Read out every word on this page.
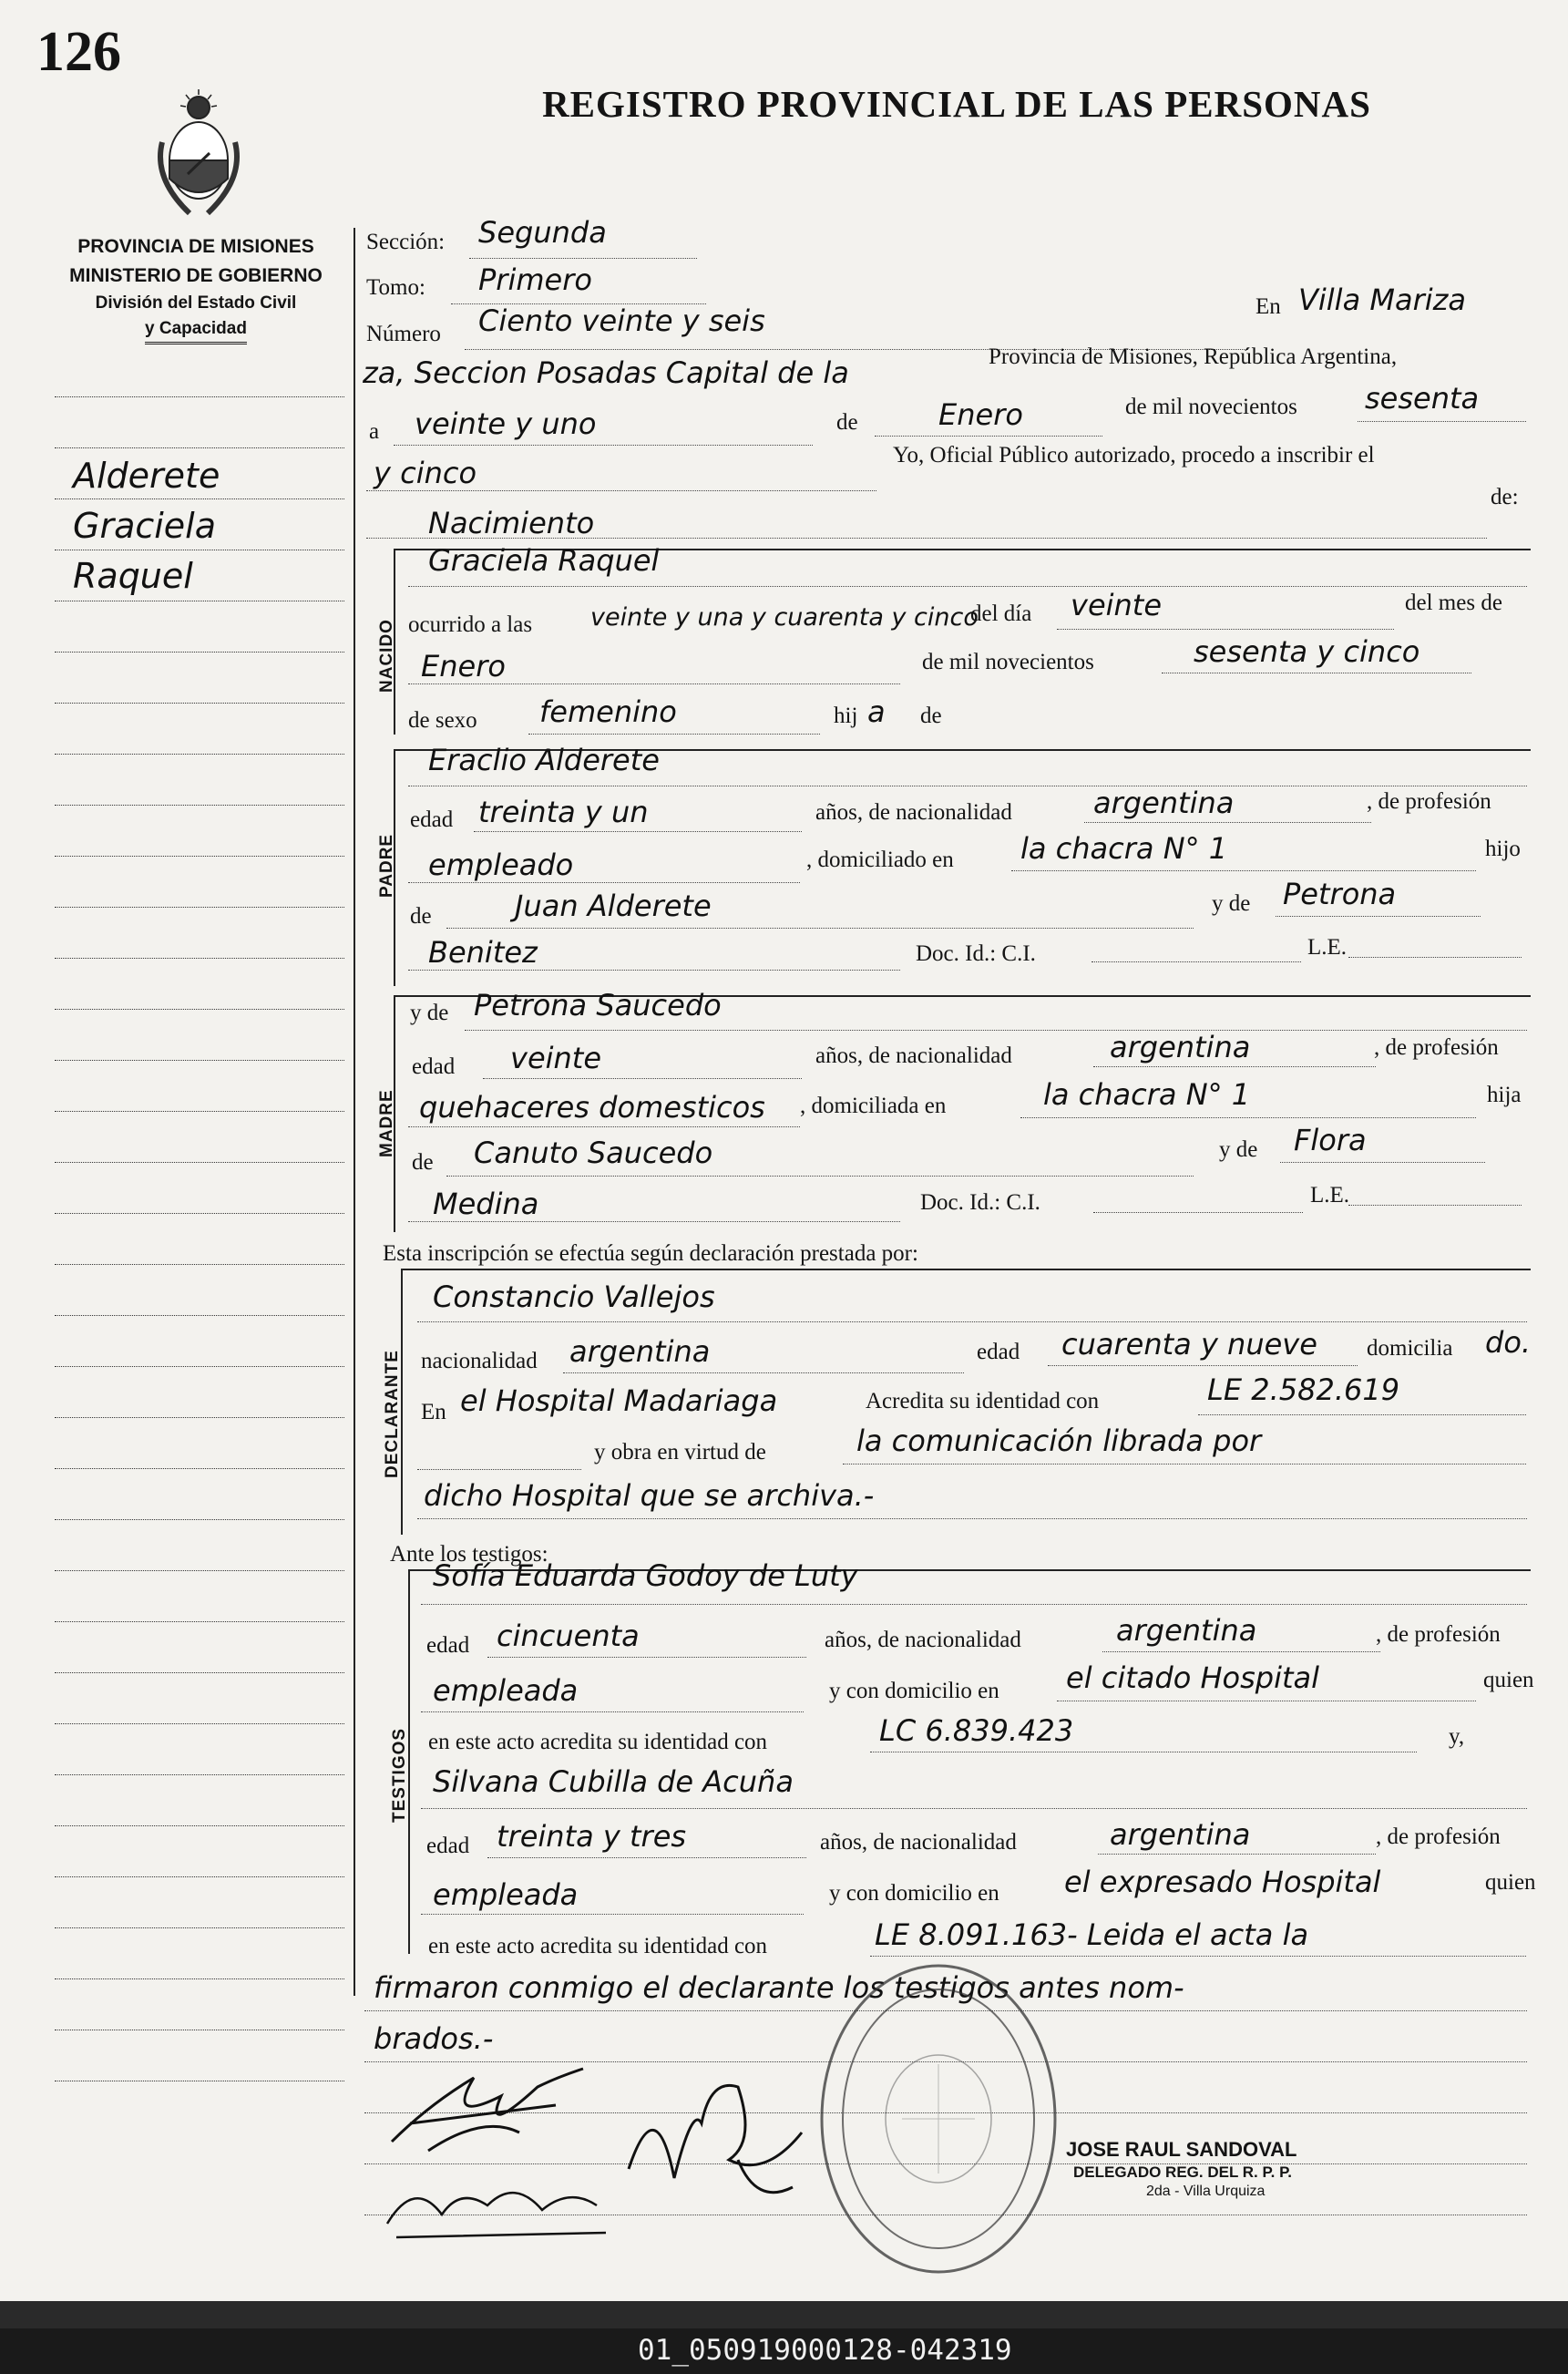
126
REGISTRO PROVINCIAL DE LAS PERSONAS
PROVINCIA DE MISIONES
MINISTERIO DE GOBIERNO
División del Estado Civil
y Capacidad
Alderete
Graciela
Raquel
Sección: Segunda
Tomo: Primero
Número Ciento veinte y seis	En Villa Mariza
za, Seccion Posadas Capital de la	Provincia de Misiones, República Argentina,
a veinte y uno	de	Enero	de mil novecientos sesenta
y cinco
Yo, Oficial Público autorizado, procedo a inscribir el
Nacimiento
de:
NACIDO
Graciela Raquel
ocurrido a las veinte y una y cuarenta y cinco
del día veinte	del mes de
Enero	de mil novecientos	sesenta y cinco
de sexo femenino	hij a de
PADRE
Eraclio Alderete
edad treinta y un	años, de nacionalidad	argentina	, de profesión
empleado	, domiciliado en la chacra N° 1	hijo
de	Juan Alderete	y de Petrona
Benitez	Doc. Id.: C.I.	L.E.
MADRE
y de Petrona Saucedo
edad veinte	años, de nacionalidad	argentina	, de profesión
quehaceres domesticos , domiciliada en	la chacra N° 1	hija
de Canuto Saucedo	y de Flora
Medina	Doc. Id.: C.I.	L.E.
Esta inscripción se efectúa según declaración prestada por:
DECLARANTE
Constancio Vallejos
nacionalidad argentina	edad cuarenta y nueve domicilia do.
En el Hospital Madariaga	Acredita su identidad con	LE 2.582.619
y obra en virtud de	la comunicación librada por
dicho Hospital que se archiva.-
Ante los testigos:
TESTIGOS
Sofía Eduarda Godoy de Luty
edad cincuenta	años, de nacionalidad	argentina	, de profesión
empleada	y con domicilio en el citado Hospital	quien
en este acto acredita su identidad con	LC 6.839.423	y,
Silvana Cubilla de Acuña
edad treinta y tres	años, de nacionalidad	argentina	, de profesión
empleada	y con domicilio en el expresado Hospital	quien
en este acto acredita su identidad con	LE 8.091.163- Leida el acta la
firmaron conmigo el declarante los testigos antes nom-
brados.-
JOSE RAUL SANDOVAL
DELEGADO REG. DEL R. P. P.
2da - Villa Urquiza
01_050919000128-042319
